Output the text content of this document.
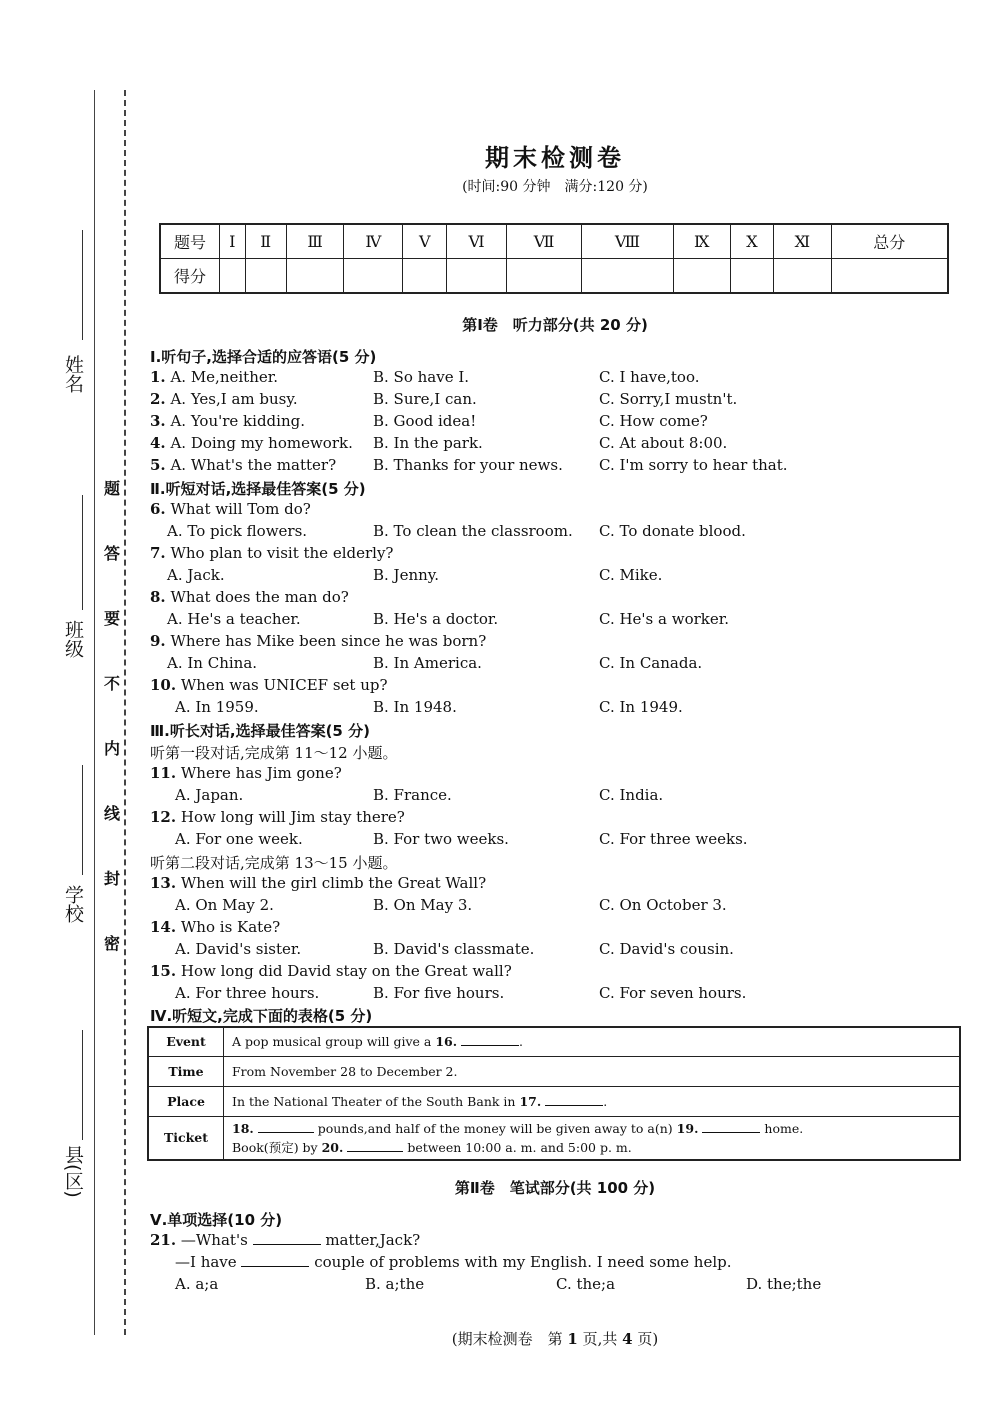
姓名
班级
学校
县(区)
题
答
要
不
内
线
封
密
期末检测卷
(时间:90 分钟　满分:120 分)
题号	Ⅰ	Ⅱ	Ⅲ	Ⅳ	Ⅴ	Ⅵ	Ⅶ	Ⅷ	Ⅸ	Ⅹ	Ⅺ	总分
得分												
第Ⅰ卷　听力部分(共 20 分)
Ⅰ.听句子,选择合适的应答语(5 分)
1. A. Me,neither.	B. So have I.	C. I have,too.
2. A. Yes,I am busy.	B. Sure,I can.	C. Sorry,I mustn't.
3. A. You're kidding.	B. Good idea!	C. How come?
4. A. Doing my homework. B. In the park.	C. At about 8:00.
5. A. What's the matter? B. Thanks for your news. C. I'm sorry to hear that.
Ⅱ.听短对话,选择最佳答案(5 分)
6. What will Tom do?
A. To pick flowers.	B. To clean the classroom. C. To donate blood.
7. Who plan to visit the elderly?
A. Jack.	B. Jenny.	C. Mike.
8. What does the man do?
A. He's a teacher.	B. He's a doctor.	C. He's a worker.
9. Where has Mike been since he was born?
A. In China.	B. In America.	C. In Canada.
10. When was UNICEF set up?
A. In 1959.	B. In 1948.	C. In 1949.
Ⅲ.听长对话,选择最佳答案(5 分)
听第一段对话,完成第 11～12 小题。
11. Where has Jim gone?
A. Japan.	B. France.	C. India.
12. How long will Jim stay there?
A. For one week.	B. For two weeks.	C. For three weeks.
听第二段对话,完成第 13～15 小题。
13. When will the girl climb the Great Wall?
A. On May 2.	B. On May 3.	C. On October 3.
14. Who is Kate?
A. David's sister.	B. David's classmate.	C. David's cousin.
15. How long did David stay on the Great wall?
A. For three hours.	B. For five hours.	C. For seven hours.
Ⅳ.听短文,完成下面的表格(5 分)
Event	A pop musical group will give a 16. .
Time	From November 28 to December 2.
Place	In the National Theater of the South Bank in 17. .
Ticket	18. pounds,and half of the money will be given away to a(n) 19. home.
Book(预定) by 20. between 10:00 a. m. and 5:00 p. m.
第Ⅱ卷　笔试部分(共 100 分)
Ⅴ.单项选择(10 分)
21. —What's	matter,Jack?
—I have	couple of problems with my English. I need some help.
A. a;a	B. a;the	C. the;a	D. the;the
(期末检测卷　第 1 页,共 4 页)
